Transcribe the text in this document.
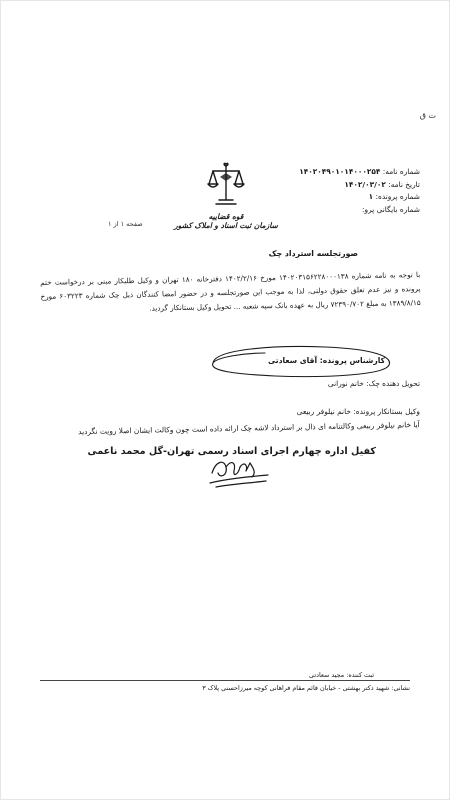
ت ق
شماره نامه: ۱۴۰۲۰۴۹۰۱۰۱۴۰۰۰۲۵۴
تاریخ نامه: ۱۴۰۲/۰۳/۰۲
شماره پرونده: ۱
شماره بایگانی پرو:
قوه قضاییه
سازمان ثبت اسناد و املاک کشور
صفحه ۱ از ۱
صورتجلسه استرداد چک

با توجه به نامه شماره ۱۴۰۲۰۳۱۵۶۲۲۸۰۰۰۱۳۸ مورخ ۱۴۰۲/۲/۱۶ دفترخانه ۱۸۰ تهران و وکیل طلبکار مبنی بر درخواست ختم پرونده و نیز عدم تعلق حقوق دولتی، لذا به موجب این صورتجلسه و در حضور امضا کنندگان ذیل چک شماره ۶۰۳۲۲۳ مورخ ۱۳۸۹/۸/۱۵ به مبلغ ۷۲۳۹۰/۷۰۲ ریال به عهده بانک سپه شعبه ... تحویل وکیل بستانکار گردید.

کارشناس پرونده: آقای سعادتی
تحویل دهنده چک: خانم نورانی
وکیل بستانکار پرونده: خانم نیلوفر ربیعی
آیا خانم نیلوفر ربیعی وکالتنامه ای ذال بر استرداد لاشه چک ارائه داده است چون وکالت ایشان اصلا رویت نگردید
کفیل اداره چهارم اجرای اسناد رسمی تهران-گل محمد ناعمی
ثبت کننده: مجید سعادتی
نشانی: شهید دکتر بهشتی - خیابان قائم مقام فراهانی کوچه میرزاحسنی پلاک ۳
